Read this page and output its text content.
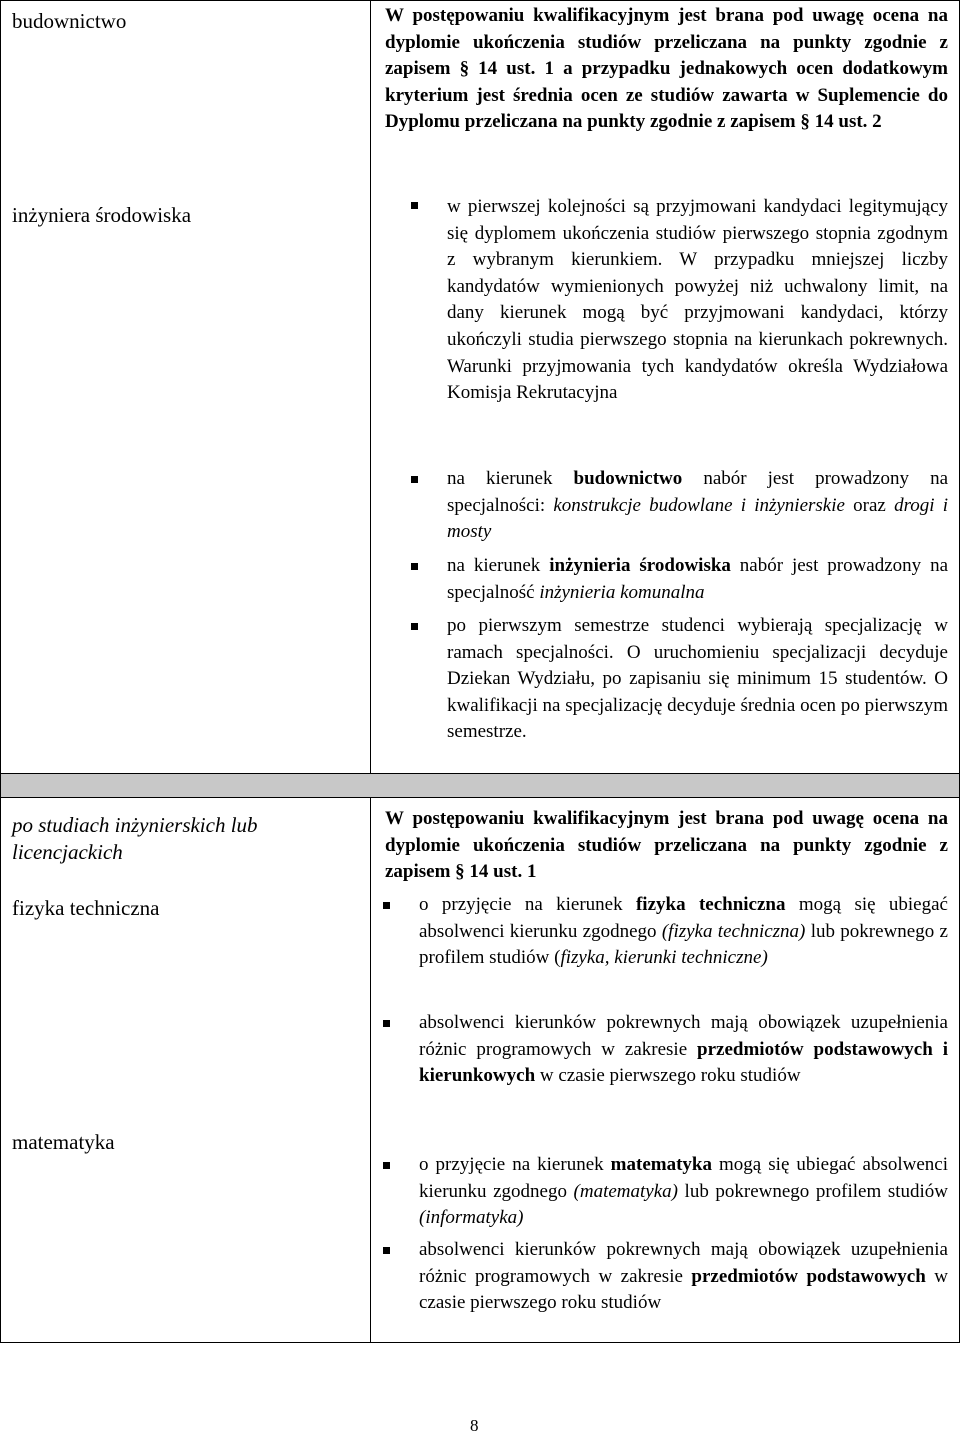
budownictwo
inżyniera środowiska
W postępowaniu kwalifikacyjnym jest brana pod uwagę ocena na dyplomie ukończenia studiów przeliczana na punkty zgodnie z zapisem § 14 ust. 1 a przypadku jednakowych ocen dodatkowym kryterium jest średnia ocen ze studiów zawarta w Suplemencie do Dyplomu przeliczana na punkty zgodnie z zapisem § 14 ust. 2
w pierwszej kolejności są przyjmowani kandydaci legitymujący się dyplomem ukończenia studiów pierwszego stopnia zgodnym z wybranym kierunkiem. W przypadku mniejszej liczby kandydatów wymienionych powyżej niż uchwalony limit, na dany kierunek mogą być przyjmowani kandydaci, którzy ukończyli studia pierwszego stopnia na kierunkach pokrewnych. Warunki przyjmowania tych kandydatów określa Wydziałowa Komisja Rekrutacyjna
na kierunek budownictwo nabór jest prowadzony na specjalności: konstrukcje budowlane i inżynierskie oraz drogi i mosty
na kierunek inżynieria środowiska nabór jest prowadzony na specjalność inżynieria komunalna
po pierwszym semestrze studenci wybierają specjalizację w ramach specjalności. O uruchomieniu specjalizacji decyduje Dziekan Wydziału, po zapisaniu się minimum 15 studentów. O kwalifikacji na specjalizację decyduje średnia ocen po pierwszym semestrze.
po studiach inżynierskich lub licencjackich
fizyka techniczna
matematyka
W postępowaniu kwalifikacyjnym jest brana pod uwagę ocena na dyplomie ukończenia studiów przeliczana na punkty zgodnie z zapisem § 14 ust. 1
o przyjęcie na kierunek fizyka techniczna mogą się ubiegać absolwenci kierunku zgodnego (fizyka techniczna) lub pokrewnego z profilem studiów (fizyka, kierunki techniczne)
absolwenci kierunków pokrewnych mają obowiązek uzupełnienia różnic programowych w zakresie przedmiotów podstawowych i kierunkowych w czasie pierwszego roku studiów
o przyjęcie na kierunek matematyka mogą się ubiegać absolwenci kierunku zgodnego (matematyka) lub pokrewnego profilem studiów (informatyka)
absolwenci kierunków pokrewnych mają obowiązek uzupełnienia różnic programowych w zakresie przedmiotów podstawowych w czasie pierwszego roku studiów
8
